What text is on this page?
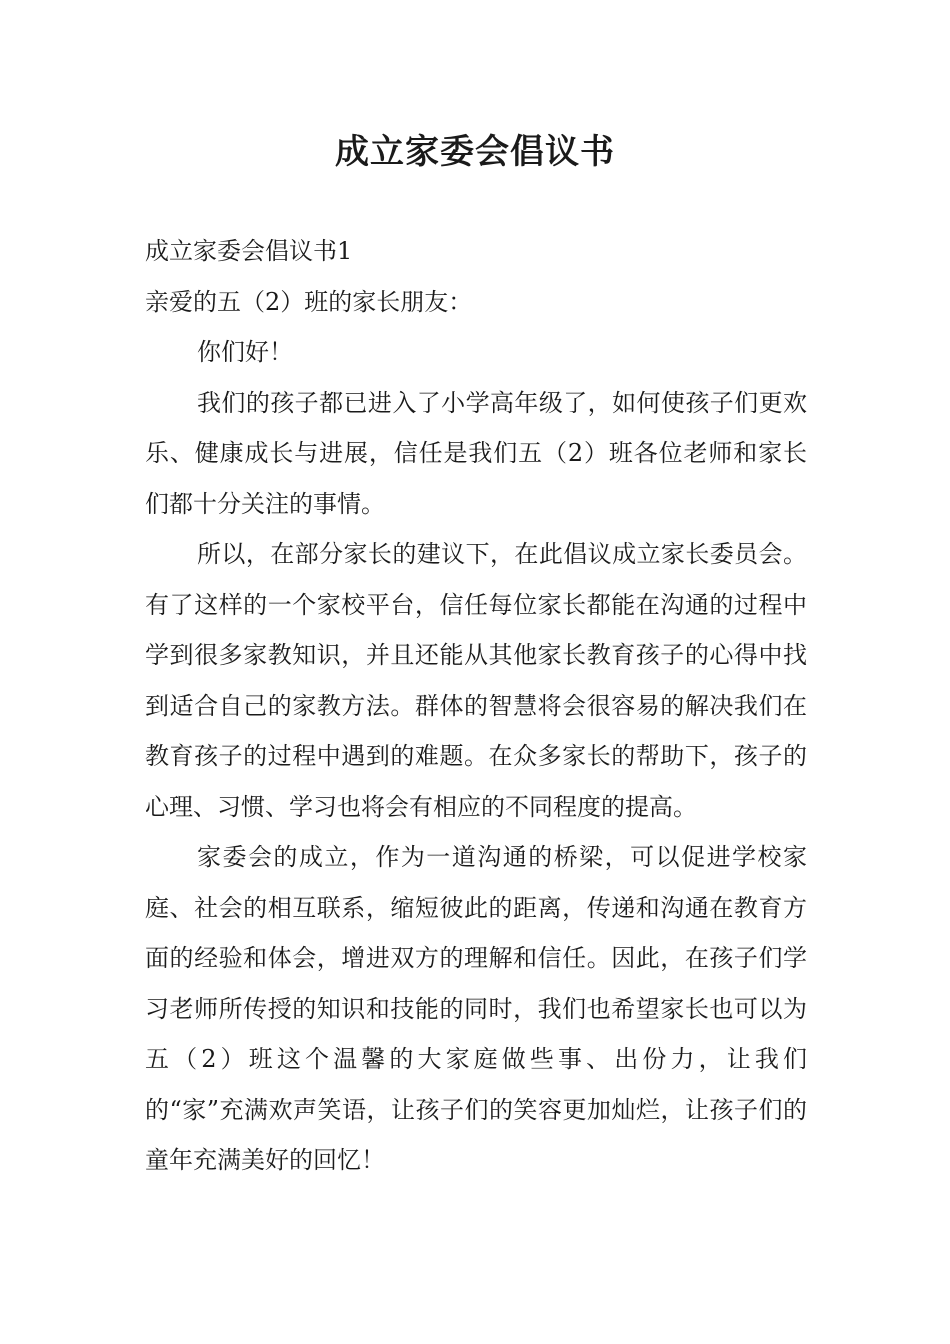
成立家委会倡议书

成立家委会倡议书1

亲爱的五（2）班的家长朋友：

你们好！

我们的孩子都已进入了小学高年级了，如何使孩子们更欢乐、健康成长与进展，信任是我们五（2）班各位老师和家长们都十分关注的事情。

所以，在部分家长的建议下，在此倡议成立家长委员会。有了这样的一个家校平台，信任每位家长都能在沟通的过程中学到很多家教知识，并且还能从其他家长教育孩子的心得中找到适合自己的家教方法。群体的智慧将会很容易的解决我们在教育孩子的过程中遇到的难题。在众多家长的帮助下，孩子的心理、习惯、学习也将会有相应的不同程度的提高。

家委会的成立，作为一道沟通的桥梁，可以促进学校家庭、社会的相互联系，缩短彼此的距离，传递和沟通在教育方面的经验和体会，增进双方的理解和信任。因此，在孩子们学习老师所传授的知识和技能的同时，我们也希望家长也可以为五（2）班这个温馨的大家庭做些事、出份力，让我们的“家”充满欢声笑语，让孩子们的笑容更加灿烂，让孩子们的童年充满美好的回忆！
